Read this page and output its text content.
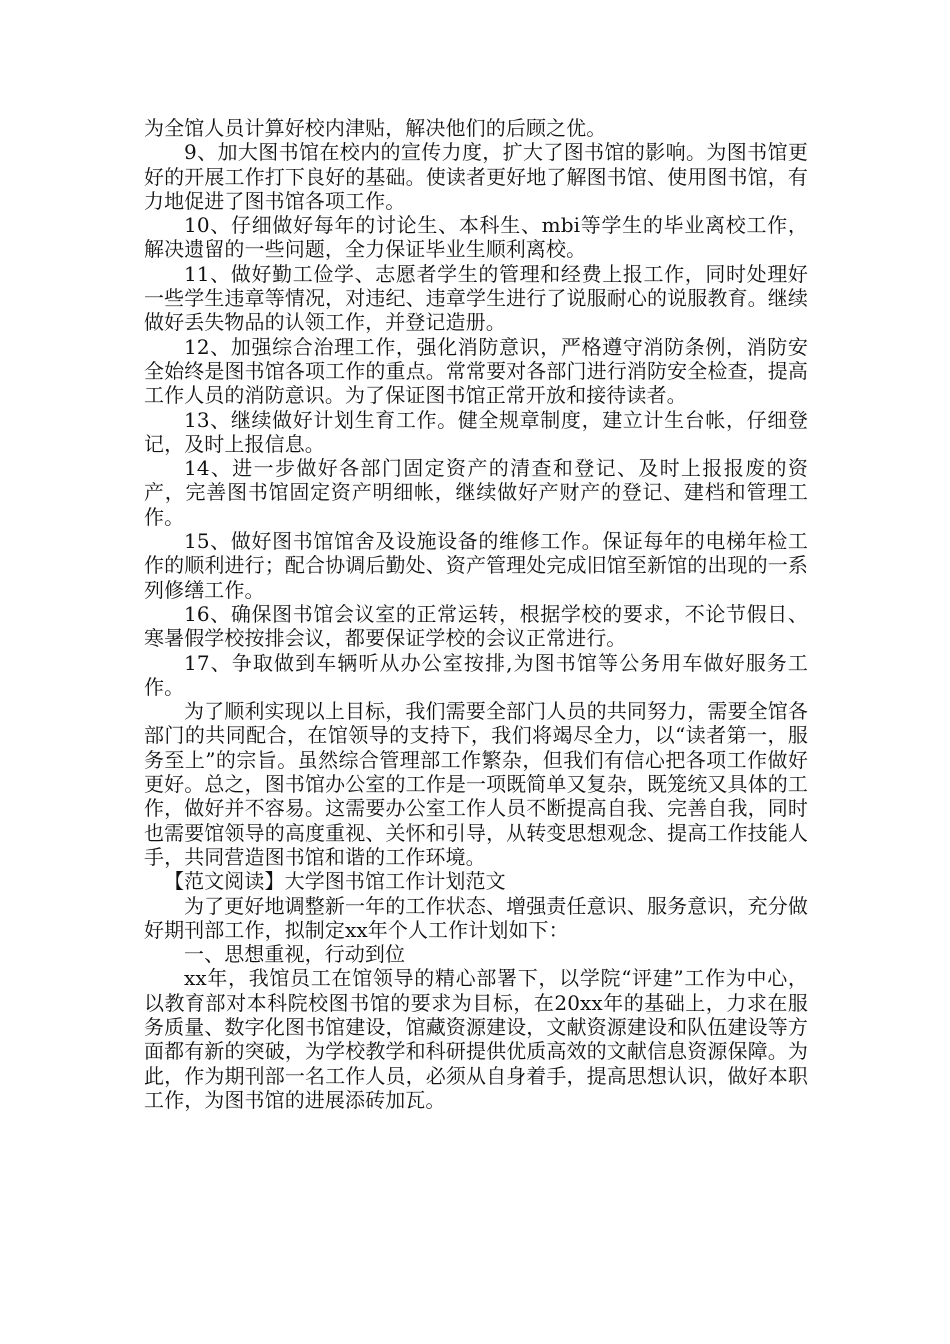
为全馆人员计算好校内津贴，解决他们的后顾之优。

9、加大图书馆在校内的宣传力度，扩大了图书馆的影响。为图书馆更好的开展工作打下良好的基础。使读者更好地了解图书馆、使用图书馆，有力地促进了图书馆各项工作。

10、仔细做好每年的讨论生、本科生、mbi等学生的毕业离校工作，解决遗留的一些问题，全力保证毕业生顺利离校。

11、做好勤工俭学、志愿者学生的管理和经费上报工作，同时处理好一些学生违章等情况，对违纪、违章学生进行了说服耐心的说服教育。继续做好丢失物品的认领工作，并登记造册。

12、加强综合治理工作，强化消防意识，严格遵守消防条例，消防安全始终是图书馆各项工作的重点。常常要对各部门进行消防安全检查，提高工作人员的消防意识。为了保证图书馆正常开放和接待读者。

13、继续做好计划生育工作。健全规章制度，建立计生台帐，仔细登记，及时上报信息。

14、进一步做好各部门固定资产的清查和登记、及时上报报废的资产，完善图书馆固定资产明细帐，继续做好产财产的登记、建档和管理工作。

15、做好图书馆馆舍及设施设备的维修工作。保证每年的电梯年检工作的顺利进行；配合协调后勤处、资产管理处完成旧馆至新馆的出现的一系列修缮工作。

16、确保图书馆会议室的正常运转，根据学校的要求，不论节假日、寒暑假学校按排会议，都要保证学校的会议正常进行。

17、争取做到车辆听从办公室按排,为图书馆等公务用车做好服务工作。

为了顺利实现以上目标，我们需要全部门人员的共同努力，需要全馆各部门的共同配合，在馆领导的支持下，我们将竭尽全力，以“读者第一，服务至上”的宗旨。虽然综合管理部工作繁杂，但我们有信心把各项工作做好更好。总之，图书馆办公室的工作是一项既简单又复杂，既笼统又具体的工作，做好并不容易。这需要办公室工作人员不断提高自我、完善自我，同时也需要馆领导的高度重视、关怀和引导，从转变思想观念、提高工作技能人手，共同营造图书馆和谐的工作环境。

【范文阅读】大学图书馆工作计划范文

为了更好地调整新一年的工作状态、增强责任意识、服务意识，充分做好期刊部工作，拟制定xx年个人工作计划如下：

一、思想重视，行动到位

xx年，我馆员工在馆领导的精心部署下，以学院“评建”工作为中心，以教育部对本科院校图书馆的要求为目标，在20xx年的基础上，力求在服务质量、数字化图书馆建设，馆藏资源建设，文献资源建设和队伍建设等方面都有新的突破，为学校教学和科研提供优质高效的文献信息资源保障。为此，作为期刊部一名工作人员，必须从自身着手，提高思想认识，做好本职工作，为图书馆的进展添砖加瓦。
